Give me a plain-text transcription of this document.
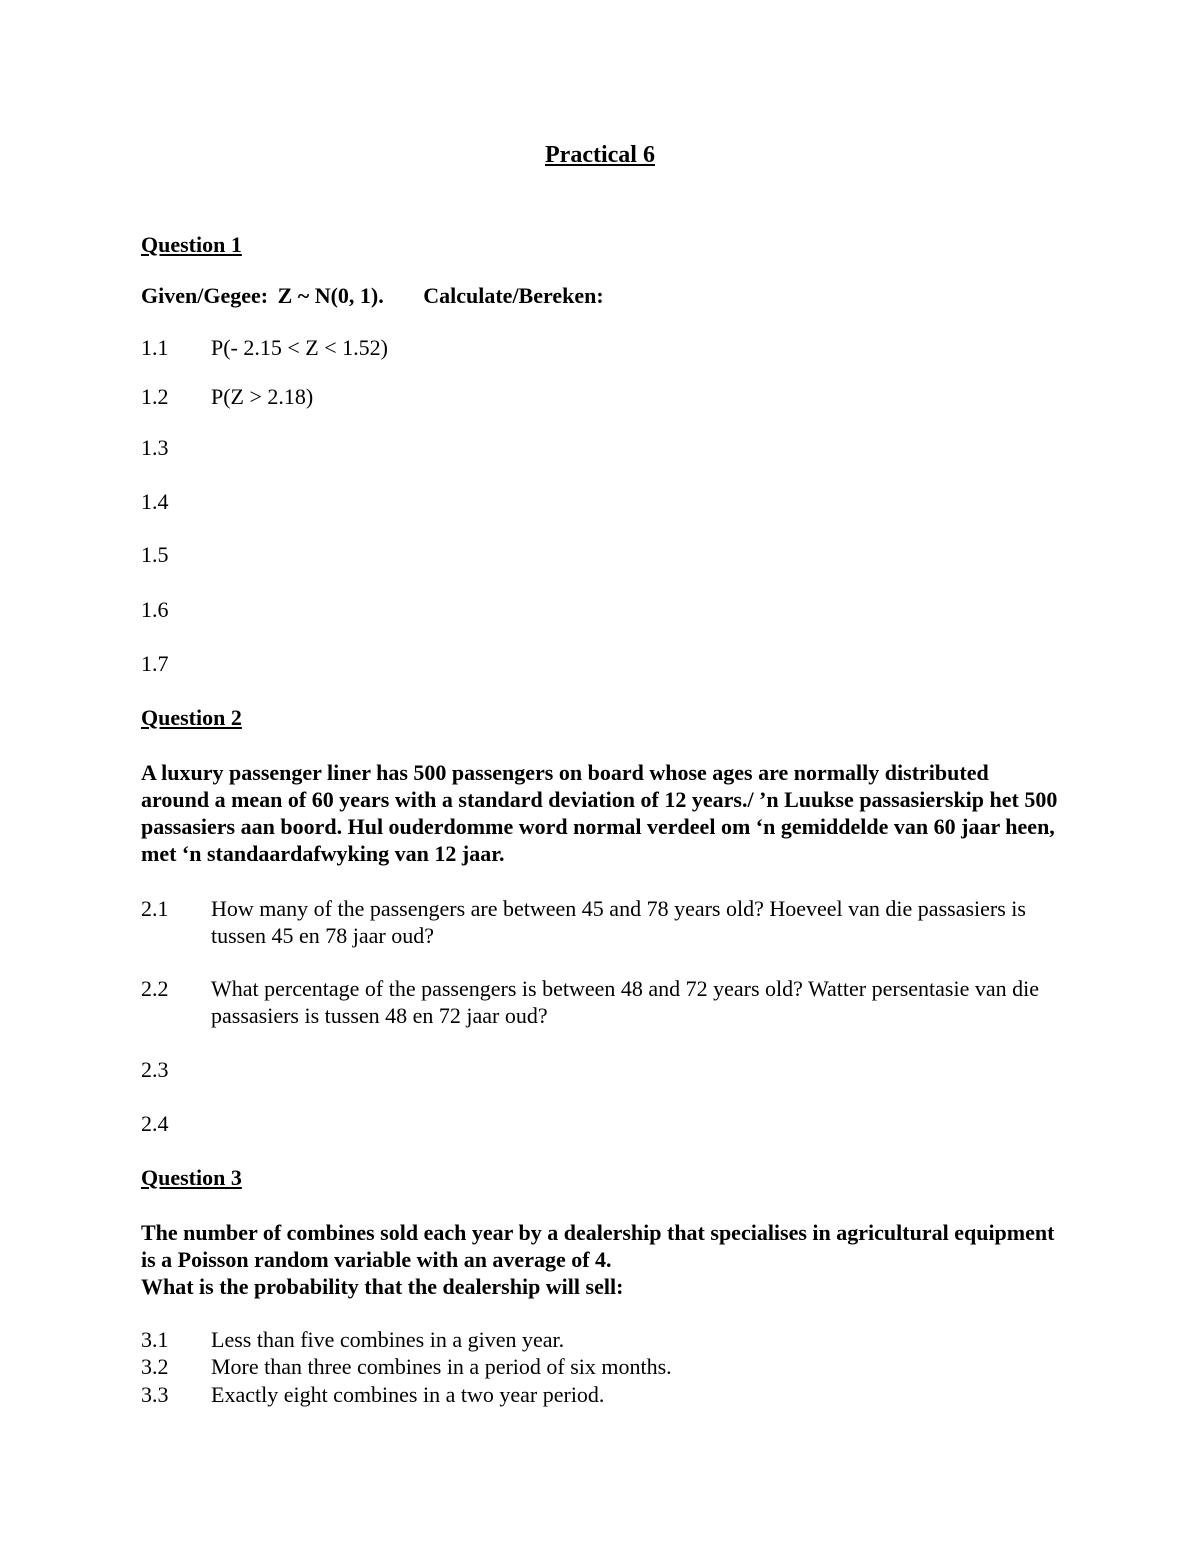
Practical 6
Question 1
Given/Gegee: Z ~ N(0, 1). Calculate/Bereken:
1.1	P(- 2.15 < Z < 1.52)
1.2	P(Z > 2.18)
1.3
1.4
1.5
1.6
1.7
Question 2
A luxury passenger liner has 500 passengers on board whose ages are normally distributed around a mean of 60 years with a standard deviation of 12 years./ ’n Luukse passasierskip het 500 passasiers aan boord. Hul ouderdomme word normal verdeel om ‘n gemiddelde van 60 jaar heen, met ‘n standaardafwyking van 12 jaar.
2.1	How many of the passengers are between 45 and 78 years old? Hoeveel van die passasiers is tussen 45 en 78 jaar oud?
2.2	What percentage of the passengers is between 48 and 72 years old? Watter persentasie van die passasiers is tussen 48 en 72 jaar oud?
2.3
2.4
Question 3
The number of combines sold each year by a dealership that specialises in agricultural equipment is a Poisson random variable with an average of 4.
What is the probability that the dealership will sell:
3.1	Less than five combines in a given year.
3.2	More than three combines in a period of six months.
3.3	Exactly eight combines in a two year period.
